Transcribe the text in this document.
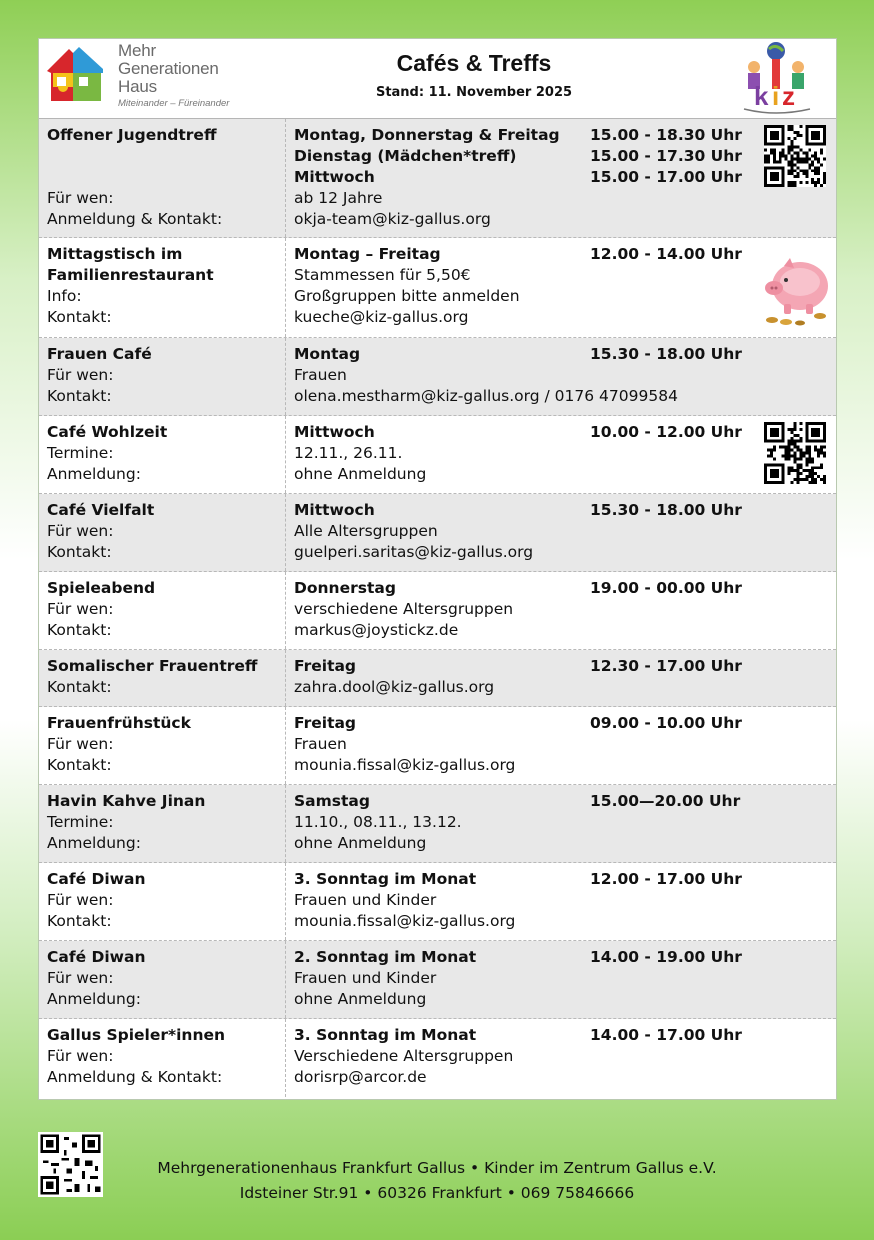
Mehr
Generationen
Haus
Miteinander – Füreinander
Cafés & Treffs
Stand: 11. November 2025	k i z
Offener Jugendtreff
Für wen:
Anmeldung & Kontakt:
Montag, Donnerstag & Freitag
Dienstag (Mädchen*treff)
Mittwoch
ab 12 Jahre
okja-team@kiz-gallus.org
15.00 - 18.30 Uhr
15.00 - 17.30 Uhr
15.00 - 17.00 Uhr
Mittagstisch im
Familienrestaurant
Info:
Kontakt:
Montag – Freitag
Stammessen für 5,50€
Großgruppen bitte anmelden
kueche@kiz-gallus.org
12.00 - 14.00 Uhr
Frauen Café
Für wen:
Kontakt:
Montag
Frauen
olena.mestharm@kiz-gallus.org / 0176 47099584
15.30 - 18.00 Uhr
Café Wohlzeit
Termine:
Anmeldung:
Mittwoch
12.11., 26.11.
ohne Anmeldung
10.00 - 12.00 Uhr
Café Vielfalt
Für wen:
Kontakt:
Mittwoch
Alle Altersgruppen
guelperi.saritas@kiz-gallus.org
15.30 - 18.00 Uhr
Spieleabend
Für wen:
Kontakt:
Donnerstag
verschiedene Altersgruppen
markus@joystickz.de
19.00 - 00.00 Uhr
Somalischer Frauentreff
Kontakt:
Freitag
zahra.dool@kiz-gallus.org
12.30 - 17.00 Uhr
Frauenfrühstück
Für wen:
Kontakt:
Freitag
Frauen
mounia.fissal@kiz-gallus.org
09.00 - 10.00 Uhr
Havin Kahve Jinan
Termine:
Anmeldung:
Samstag
11.10., 08.11., 13.12.
ohne Anmeldung
15.00—20.00 Uhr
Café Diwan
Für wen:
Kontakt:
3. Sonntag im Monat
Frauen und Kinder
mounia.fissal@kiz-gallus.org
12.00 - 17.00 Uhr
Café Diwan
Für wen:
Anmeldung:
2. Sonntag im Monat
Frauen und Kinder
ohne Anmeldung
14.00 - 19.00 Uhr
Gallus Spieler*innen
Für wen:
Anmeldung & Kontakt:
3. Sonntag im Monat
Verschiedene Altersgruppen
dorisrp@arcor.de
14.00 - 17.00 Uhr
Mehrgenerationenhaus Frankfurt Gallus • Kinder im Zentrum Gallus e.V.
Idsteiner Str.91 • 60326 Frankfurt • 069 75846666
